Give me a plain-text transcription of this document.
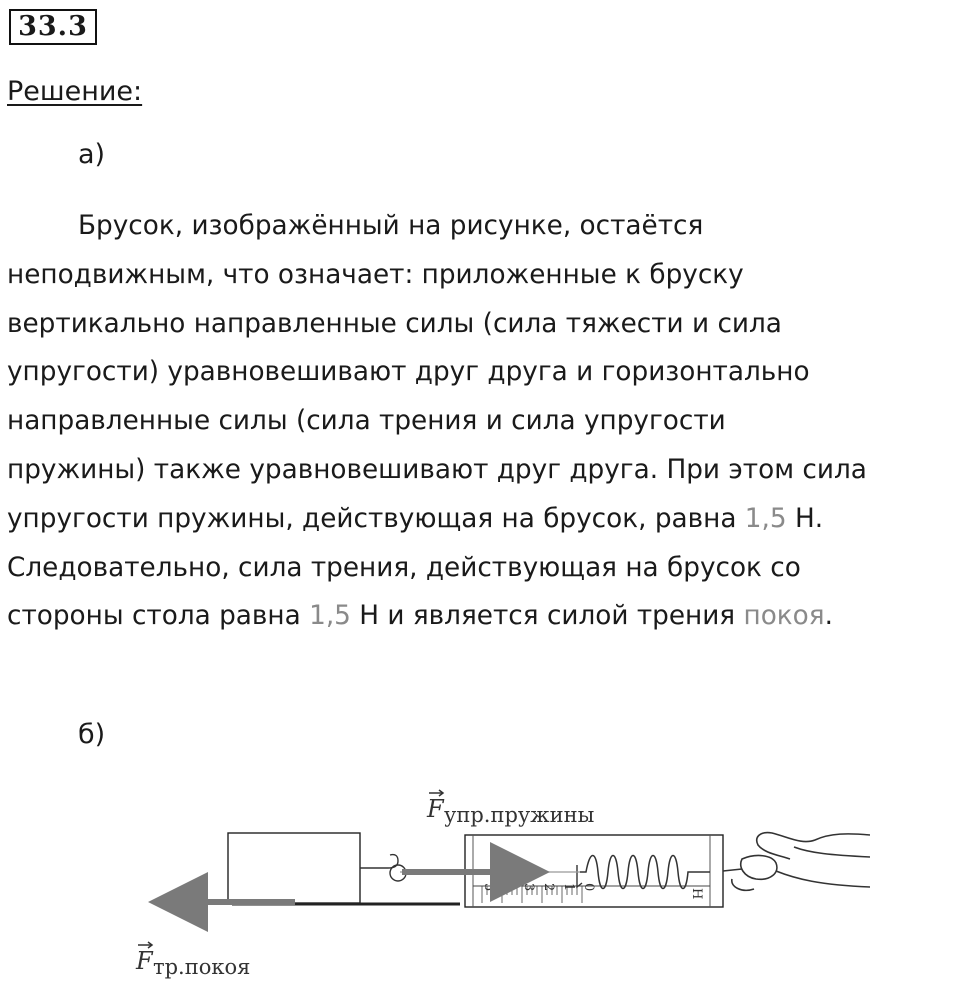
33.3
Решение:
а)
Брусок, изображённый на рисунке, остаётся
неподвижным, что означает: приложенные к бруску
вертикально направленные силы (сила тяжести и сила
упругости) уравновешивают друг друга и горизонтально
направленные силы (сила трения и сила упругости
пружины) также уравновешивают друг друга. При этом сила
упругости пружины, действующая на брусок, равна 1,5 Н.
Следовательно, сила трения, действующая на брусок со
стороны стола равна 1,5 Н и является силой трения покоя.
б)
F упр.пружины
5 4 3 2 1 0
Н
F тр.покоя
